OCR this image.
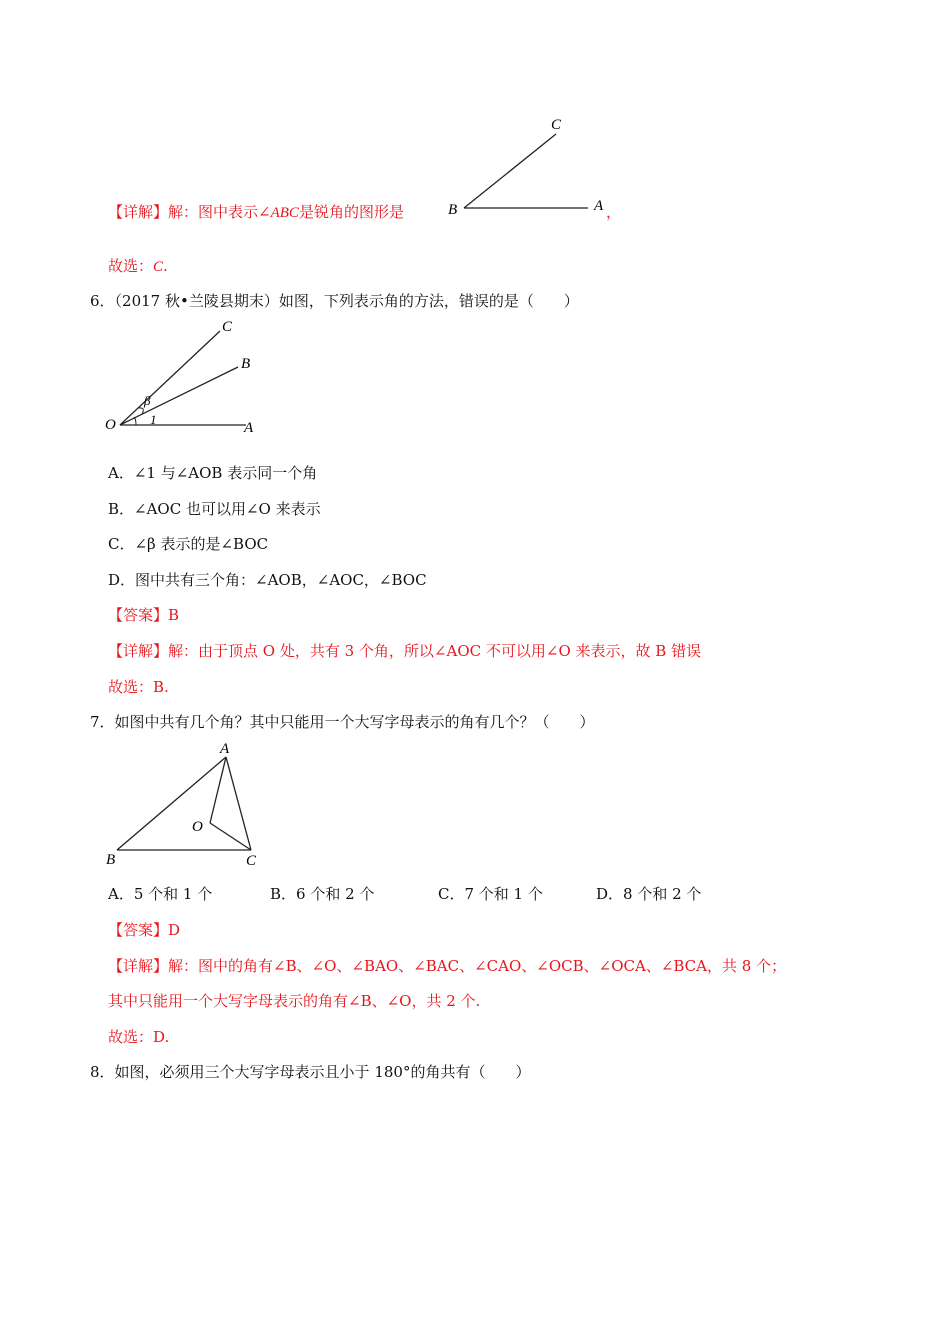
C
B	A
【详解】解：图中表示∠ABC是锐角的图形是	，
故选：C.
6．（2017 秋•兰陵县期末）如图，下列表示角的方法，错误的是（　　）
C
B
O	A
β
1
A．∠1 与∠AOB 表示同一个角
B．∠AOC 也可以用∠O 来表示
C．∠β 表示的是∠BOC
D．图中共有三个角：∠AOB，∠AOC，∠BOC
【答案】B
【详解】解：由于顶点 O 处，共有 3 个角，所以∠AOC 不可以用∠O 来表示，故 B 错误
故选：B.
7．如图中共有几个角？其中只能用一个大写字母表示的角有几个？（　　）
A
O
B	C
A．5 个和 1 个	B．6 个和 2 个	C．7 个和 1 个	D．8 个和 2 个
【答案】D
【详解】解：图中的角有∠B、∠O、∠BAO、∠BAC、∠CAO、∠OCB、∠OCA、∠BCA，共 8 个；
其中只能用一个大写字母表示的角有∠B、∠O，共 2 个.
故选：D.
8．如图，必须用三个大写字母表示且小于 180°的角共有（　　）
